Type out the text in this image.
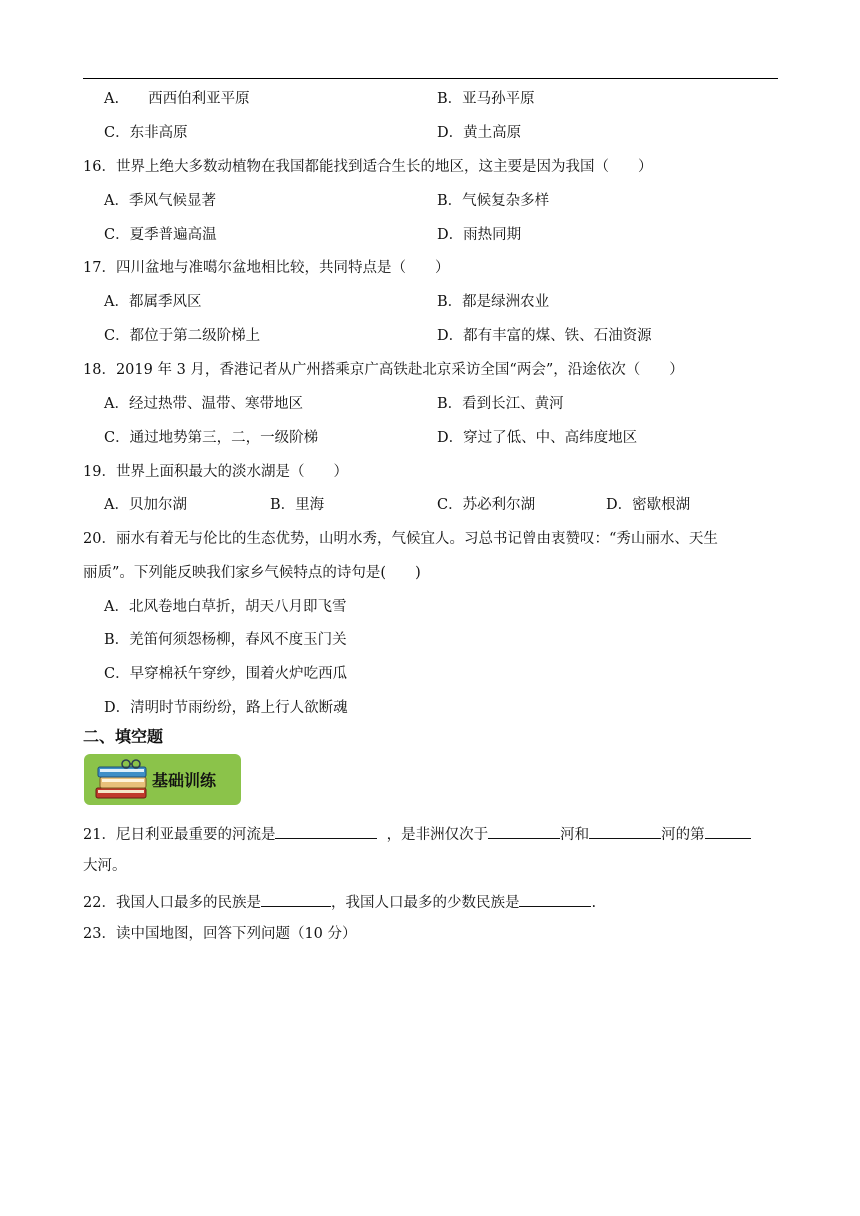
A.　　西西伯利亚平原	B．亚马孙平原
C．东非高原	D．黄土高原
16．世界上绝大多数动植物在我国都能找到适合生长的地区，这主要是因为我国（　　）
A．季风气候显著	B．气候复杂多样
C．夏季普遍高温	D．雨热同期
17．四川盆地与准噶尔盆地相比较，共同特点是（　　）
A．都属季风区	B．都是绿洲农业
C．都位于第二级阶梯上	D．都有丰富的煤、铁、石油资源
18．2019 年 3 月，香港记者从广州搭乘京广高铁赴北京采访全国“两会”，沿途依次（　　）
A．经过热带、温带、寒带地区	B．看到长江、黄河
C．通过地势第三，二，一级阶梯	D．穿过了低、中、高纬度地区
19．世界上面积最大的淡水湖是（　　）
A．贝加尔湖	B．里海	C．苏必利尔湖	D．密歇根湖
20．丽水有着无与伦比的生态优势，山明水秀，气候宜人。习总书记曾由衷赞叹：“秀山丽水、天生
丽质”。下列能反映我们家乡气候特点的诗句是(　　)
A．北风卷地白草折，胡天八月即飞雪
B．羌笛何须怨杨柳，春风不度玉门关
C．早穿棉袄午穿纱，围着火炉吃西瓜
D．清明时节雨纷纷，路上行人欲断魂
二、填空题
基础训练
21．尼日利亚最重要的河流是	，是非洲仅次于	河和	河的第
大河。
22．我国人口最多的民族是	，我国人口最多的少数民族是	.
23．读中国地图，回答下列问题（10 分）
